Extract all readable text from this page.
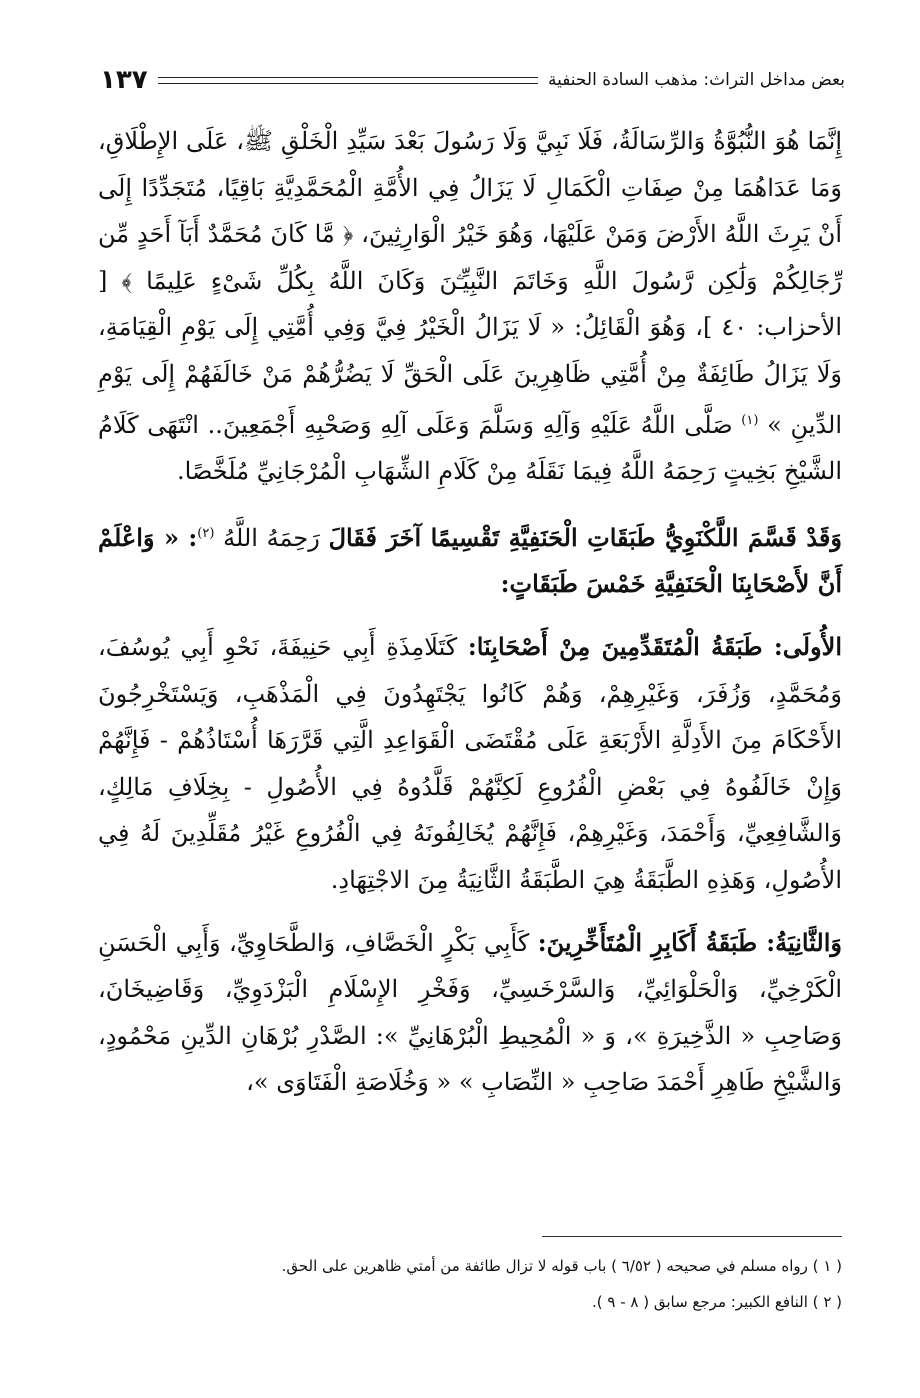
بعض مداخل التراث: مذهب السادة الحنفية
١٣٧

إِنَّمَا هُوَ النُّبُوَّةُ وَالرِّسَالَةُ، فَلَا نَبِيَّ وَلَا رَسُولَ بَعْدَ سَيِّدِ الْخَلْقِ ﷺ، عَلَى الإِطْلَاقِ، وَمَا عَدَاهُمَا مِنْ صِفَاتِ الْكَمَالِ لَا يَزَالُ فِي الأُمَّةِ الْمُحَمَّدِيَّةِ بَاقِيًا، مُتَجَدِّدًا إِلَى أَنْ يَرِثَ اللَّهُ الأَرْضَ وَمَنْ عَلَيْهَا، وَهُوَ خَيْرُ الْوَارِثِينَ، ﴿ مَّا كَانَ مُحَمَّدٌ أَبَآ أَحَدٍ مِّن رِّجَالِكُمْ وَلَٰكِن رَّسُولَ اللَّهِ وَخَاتَمَ النَّبِيِّـۧنَ وَكَانَ اللَّهُ بِكُلِّ شَىْءٍ عَلِيمًا ﴾ [ الأحزاب: ٤٠ ]، وَهُوَ الْقَائِلُ: « لَا يَزَالُ الْخَيْرُ فِيَّ وَفِي أُمَّتِي إِلَى يَوْمِ الْقِيَامَةِ، وَلَا يَزَالُ طَائِفَةٌ مِنْ أُمَّتِي ظَاهِرِينَ عَلَى الْحَقِّ لَا يَضُرُّهُمْ مَنْ خَالَفَهُمْ إِلَى يَوْمِ الدِّينِ » $^{(١)}$ صَلَّى اللَّهُ عَلَيْهِ وَآلِهِ وَسَلَّمَ وَعَلَى آلِهِ وَصَحْبِهِ أَجْمَعِينَ.. انْتَهَى كَلَامُ الشَّيْخِ بَخِيتٍ رَحِمَهُ اللَّهُ فِيمَا نَقَلَهُ مِنْ كَلَامِ الشِّهَابِ الْمُرْجَانِيِّ مُلَخَّصًا.

وَقَدْ قَسَّمَ اللَّكْنَوِيُّ طَبَقَاتِ الْحَنَفِيَّةِ تَقْسِيمًا آخَرَ فَقَالَ رَحِمَهُ اللَّهُ $^{(٢)}$: « وَاعْلَمْ أَنَّ لأَصْحَابِنَا الْحَنَفِيَّةِ خَمْسَ طَبَقَاتٍ:

الأُولَى: طَبَقَةُ الْمُتَقَدِّمِينَ مِنْ أَصْحَابِنَا: كَتَلَامِذَةِ أَبِي حَنِيفَةَ، نَحْوِ أَبِي يُوسُفَ، وَمُحَمَّدٍ، وَزُفَرَ، وَغَيْرِهِمْ، وَهُمْ كَانُوا يَجْتَهِدُونَ فِي الْمَذْهَبِ، وَيَسْتَخْرِجُونَ الأَحْكَامَ مِنَ الأَدِلَّةِ الأَرْبَعَةِ عَلَى مُقْتَضَى الْقَوَاعِدِ الَّتِي قَرَّرَهَا أُسْتَاذُهُمْ - فَإِنَّهُمْ وَإِنْ خَالَفُوهُ فِي بَعْضِ الْفُرُوعِ لَكِنَّهُمْ قَلَّدُوهُ فِي الأُصُولِ - بِخِلَافِ مَالِكٍ، وَالشَّافِعِيِّ، وَأَحْمَدَ، وَغَيْرِهِمْ، فَإِنَّهُمْ يُخَالِفُونَهُ فِي الْفُرُوعِ غَيْرُ مُقَلِّدِينَ لَهُ فِي الأُصُولِ، وَهَذِهِ الطَّبَقَةُ هِيَ الطَّبَقَةُ الثَّانِيَةُ مِنَ الاجْتِهَادِ.

وَالثَّانِيَةُ: طَبَقَةُ أَكَابِرِ الْمُتَأَخِّرِينَ: كَأَبِي بَكْرٍ الْخَصَّافِ، وَالطَّحَاوِيِّ، وَأَبِي الْحَسَنِ الْكَرْخِيِّ، وَالْحَلْوَائِيِّ، وَالسَّرْخَسِيِّ، وَفَخْرِ الإِسْلَامِ الْبَزْدَوِيِّ، وَقَاضِيخَانَ، وَصَاحِبِ « الذَّخِيرَةِ »، وَ « الْمُحِيطِ الْبُرْهَانِيِّ »: الصَّدْرِ بُرْهَانِ الدِّينِ مَحْمُودٍ، وَالشَّيْخِ طَاهِرِ أَحْمَدَ صَاحِبِ « النِّصَابِ » « وَخُلَاصَةِ الْفَتَاوَى »،

( ١ ) رواه مسلم في صحيحه ( ٦/٥٢ ) باب قوله لا تزال طائفة من أمتي ظاهرين على الحق.

( ٢ ) النافع الكبير: مرجع سابق ( ٨ - ٩ ).
